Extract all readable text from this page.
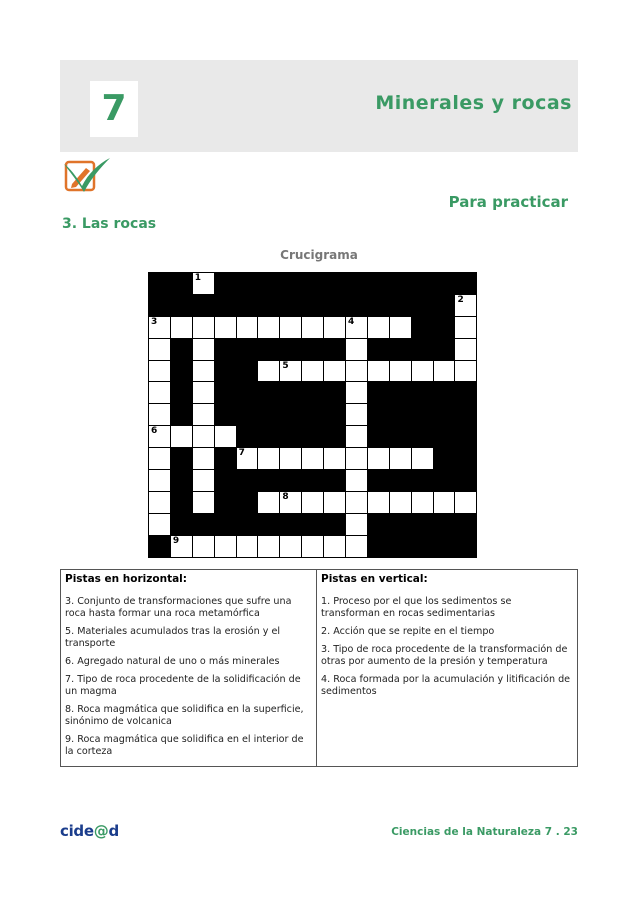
7	Minerales y rocas
Para practicar
3. Las rocas
Crucigrama

		1												

														2

3									4					

						5								

6														

				7										

						8								

	9													

Pistas en horizontal:
3. Conjunto de transformaciones que sufre una roca hasta formar una roca metamórfica
5. Materiales acumulados tras la erosión y el transporte
6. Agregado natural de uno o más minerales
7. Tipo de roca procedente de la solidificación de un magma
8. Roca magmática que solidifica en la superficie, sinónimo de volcanica
9. Roca magmática que solidifica en el interior de la corteza
Pistas en vertical:
1. Proceso por el que los sedimentos se transforman en rocas sedimentarias
2. Acción que se repite en el tiempo
3. Tipo de roca procedente de la transformación de otras por aumento de la presión y temperatura
4. Roca formada por la acumulación y litificación de sedimentos
cide@d	Ciencias de la Naturaleza 7 . 23
